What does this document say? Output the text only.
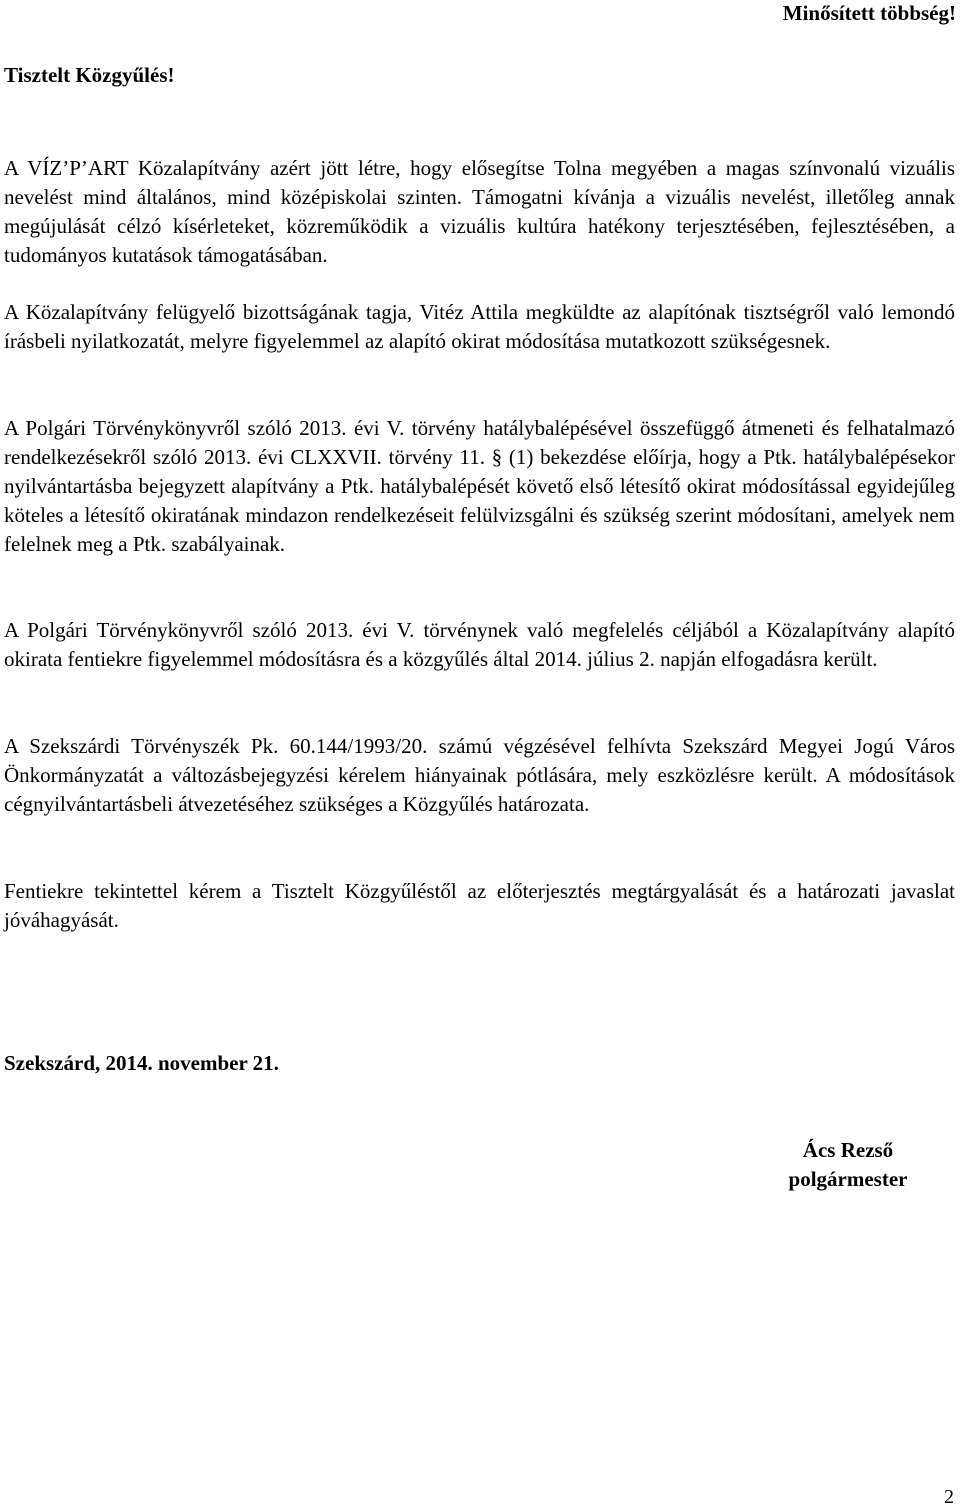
Minősített többség!
Tisztelt Közgyűlés!

A VÍZ’P’ART Közalapítvány azért jött létre, hogy elősegítse Tolna megyében a magas színvonalú vizuális nevelést mind általános, mind középiskolai szinten. Támogatni kívánja a vizuális nevelést, illetőleg annak megújulását célzó kísérleteket, közreműködik a vizuális kultúra hatékony terjesztésében, fejlesztésében, a tudományos kutatások támogatásában.

A Közalapítvány felügyelő bizottságának tagja, Vitéz Attila megküldte az alapítónak tisztségről való lemondó írásbeli nyilatkozatát, melyre figyelemmel az alapító okirat módosítása mutatkozott szükségesnek.

A Polgári Törvénykönyvről szóló 2013. évi V. törvény hatálybalépésével összefüggő átmeneti és felhatalmazó rendelkezésekről szóló 2013. évi CLXXVII. törvény 11. § (1) bekezdése előírja, hogy a Ptk. hatálybalépésekor nyilvántartásba bejegyzett alapítvány a Ptk. hatálybalépését követő első létesítő okirat módosítással egyidejűleg köteles a létesítő okiratának mindazon rendelkezéseit felülvizsgálni és szükség szerint módosítani, amelyek nem felelnek meg a Ptk. szabályainak.

A Polgári Törvénykönyvről szóló 2013. évi V. törvénynek való megfelelés céljából a Közalapítvány alapító okirata fentiekre figyelemmel módosításra és a közgyűlés által 2014. július 2. napján elfogadásra került.

A Szekszárdi Törvényszék Pk. 60.144/1993/20. számú végzésével felhívta Szekszárd Megyei Jogú Város Önkormányzatát a változásbejegyzési kérelem hiányainak pótlására, mely eszközlésre került. A módosítások cégnyilvántartásbeli átvezetéséhez szükséges a Közgyűlés határozata.

Fentiekre tekintettel kérem a Tisztelt Közgyűléstől az előterjesztés megtárgyalását és a határozati javaslat jóváhagyását.

Szekszárd, 2014. november 21.
Ács Rezső
polgármester
2
